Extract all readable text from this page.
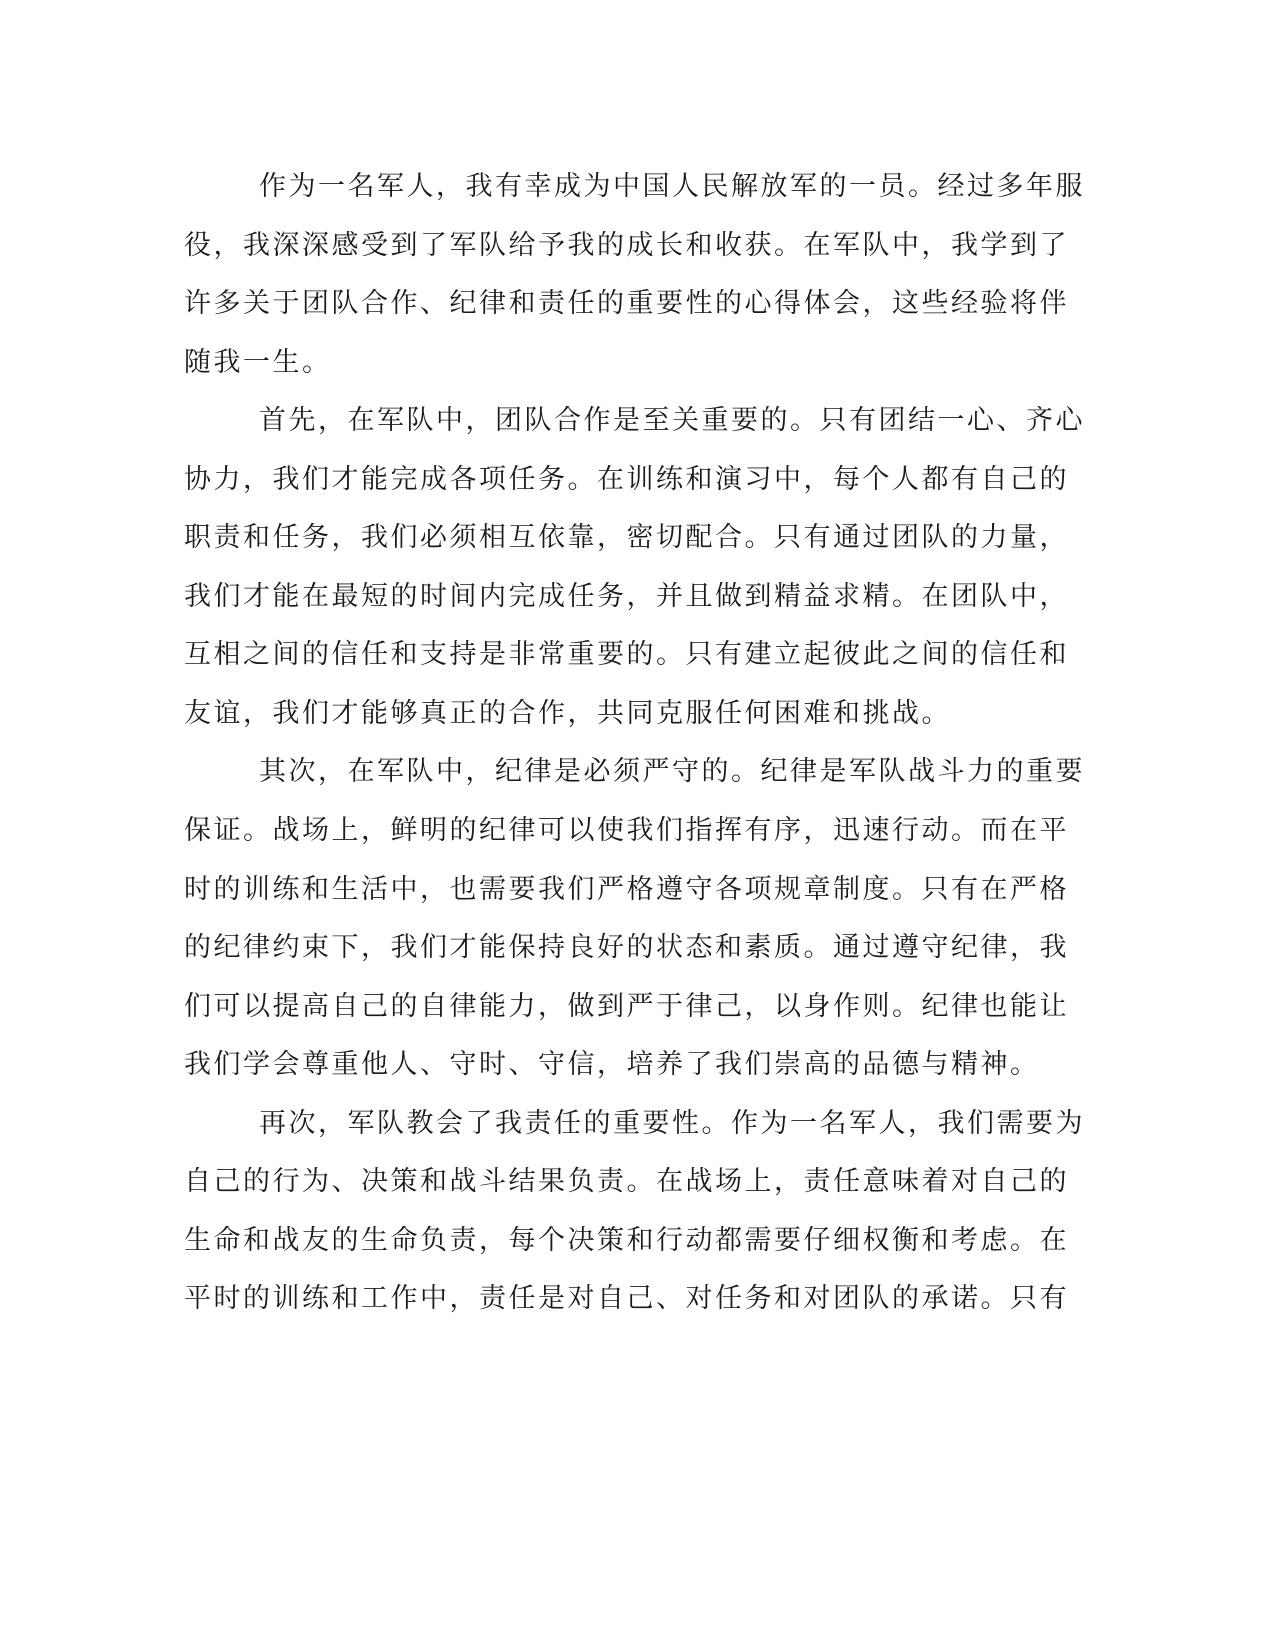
作为一名军人，我有幸成为中国人民解放军的一员。经过多年服
役，我深深感受到了军队给予我的成长和收获。在军队中，我学到了
许多关于团队合作、纪律和责任的重要性的心得体会，这些经验将伴
随我一生。
首先，在军队中，团队合作是至关重要的。只有团结一心、齐心
协力，我们才能完成各项任务。在训练和演习中，每个人都有自己的
职责和任务，我们必须相互依靠，密切配合。只有通过团队的力量，
我们才能在最短的时间内完成任务，并且做到精益求精。在团队中，
互相之间的信任和支持是非常重要的。只有建立起彼此之间的信任和
友谊，我们才能够真正的合作，共同克服任何困难和挑战。
其次，在军队中，纪律是必须严守的。纪律是军队战斗力的重要
保证。战场上，鲜明的纪律可以使我们指挥有序，迅速行动。而在平
时的训练和生活中，也需要我们严格遵守各项规章制度。只有在严格
的纪律约束下，我们才能保持良好的状态和素质。通过遵守纪律，我
们可以提高自己的自律能力，做到严于律己，以身作则。纪律也能让
我们学会尊重他人、守时、守信，培养了我们崇高的品德与精神。
再次，军队教会了我责任的重要性。作为一名军人，我们需要为
自己的行为、决策和战斗结果负责。在战场上，责任意味着对自己的
生命和战友的生命负责，每个决策和行动都需要仔细权衡和考虑。在
平时的训练和工作中，责任是对自己、对任务和对团队的承诺。只有
